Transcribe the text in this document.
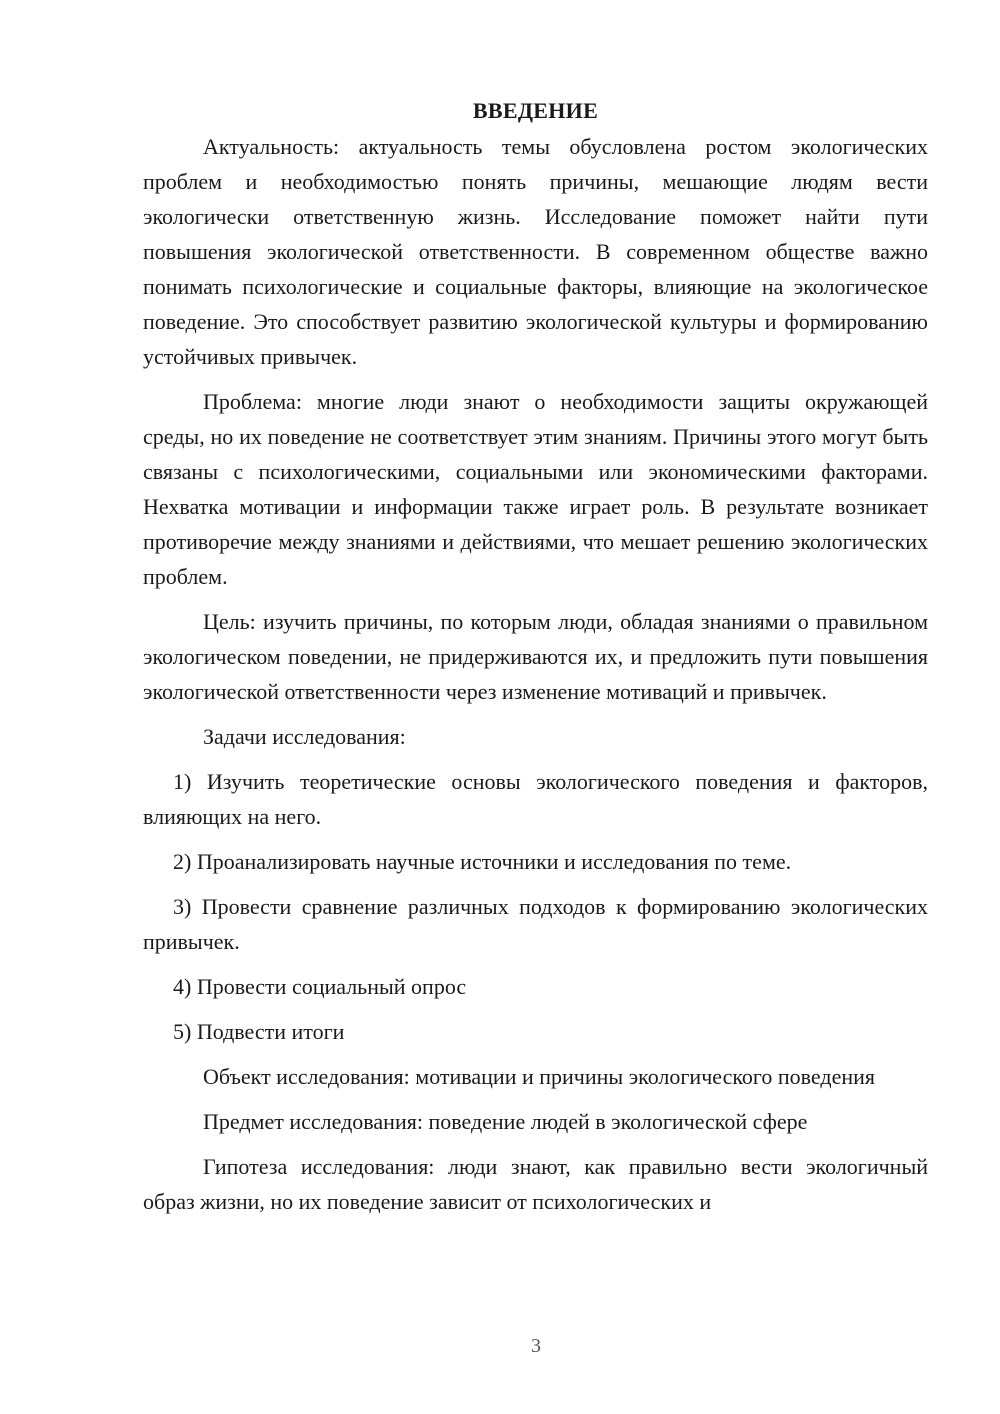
ВВЕДЕНИЕ

Актуальность: актуальность темы обусловлена ростом экологических проблем и необходимостью понять причины, мешающие людям вести экологически ответственную жизнь. Исследование поможет найти пути повышения экологической ответственности. В современном обществе важно понимать психологические и социальные факторы, влияющие на экологическое поведение. Это способствует развитию экологической культуры и формированию устойчивых привычек.

Проблема: многие люди знают о необходимости защиты окружающей среды, но их поведение не соответствует этим знаниям. Причины этого могут быть связаны с психологическими, социальными или экономическими факторами. Нехватка мотивации и информации также играет роль. В результате возникает противоречие между знаниями и действиями, что мешает решению экологических проблем.

Цель: изучить причины, по которым люди, обладая знаниями о правильном экологическом поведении, не придерживаются их, и предложить пути повышения экологической ответственности через изменение мотиваций и привычек.

Задачи исследования:

1) Изучить теоретические основы экологического поведения и факторов, влияющих на него.

2) Проанализировать научные источники и исследования по теме.

3) Провести сравнение различных подходов к формированию экологических привычек.

4) Провести социальный опрос

5) Подвести итоги

Объект исследования: мотивации и причины экологического поведения

Предмет исследования: поведение людей в экологической сфере

Гипотеза исследования: люди знают, как правильно вести экологичный образ жизни, но их поведение зависит от психологических и

3
